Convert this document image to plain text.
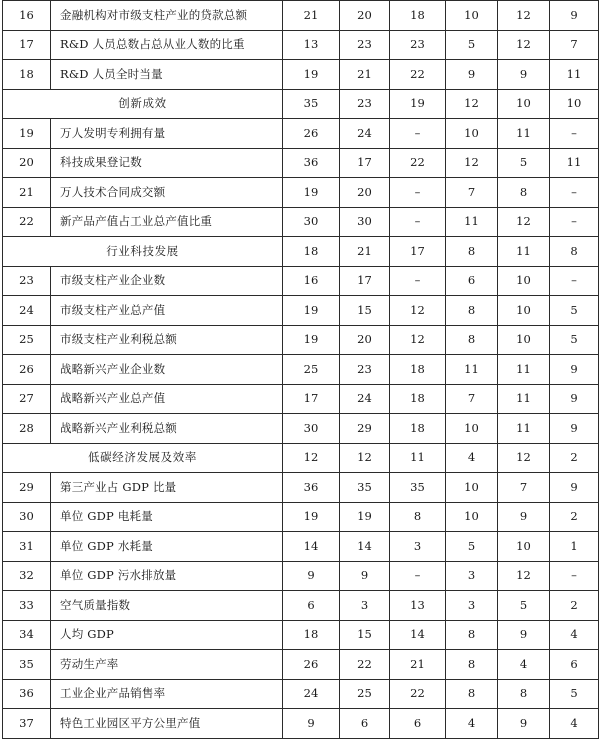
16	金融机构对市级支柱产业的贷款总额	21	20	18	10	12	9
17	R&D 人员总数占总从业人数的比重	13	23	23	5	12	7
18	R&D 人员全时当量	19	21	22	9	9	11
创新成效		35	23	19	12	10	10
19	万人发明专利拥有量	26	24	–	10	11	–
20	科技成果登记数	36	17	22	12	5	11
21	万人技术合同成交额	19	20	–	7	8	–
22	新产品产值占工业总产值比重	30	30	–	11	12	–
行业科技发展		18	21	17	8	11	8
23	市级支柱产业企业数	16	17	–	6	10	–
24	市级支柱产业总产值	19	15	12	8	10	5
25	市级支柱产业利税总额	19	20	12	8	10	5
26	战略新兴产业企业数	25	23	18	11	11	9
27	战略新兴产业总产值	17	24	18	7	11	9
28	战略新兴产业利税总额	30	29	18	10	11	9
低碳经济发展及效率		12	12	11	4	12	2
29	第三产业占 GDP 比量	36	35	35	10	7	9
30	单位 GDP 电耗量	19	19	8	10	9	2
31	单位 GDP 水耗量	14	14	3	5	10	1
32	单位 GDP 污水排放量	9	9	–	3	12	–
33	空气质量指数	6	3	13	3	5	2
34	人均 GDP	18	15	14	8	9	4
35	劳动生产率	26	22	21	8	4	6
36	工业企业产品销售率	24	25	22	8	8	5
37	特色工业园区平方公里产值	9	6	6	4	9	4
